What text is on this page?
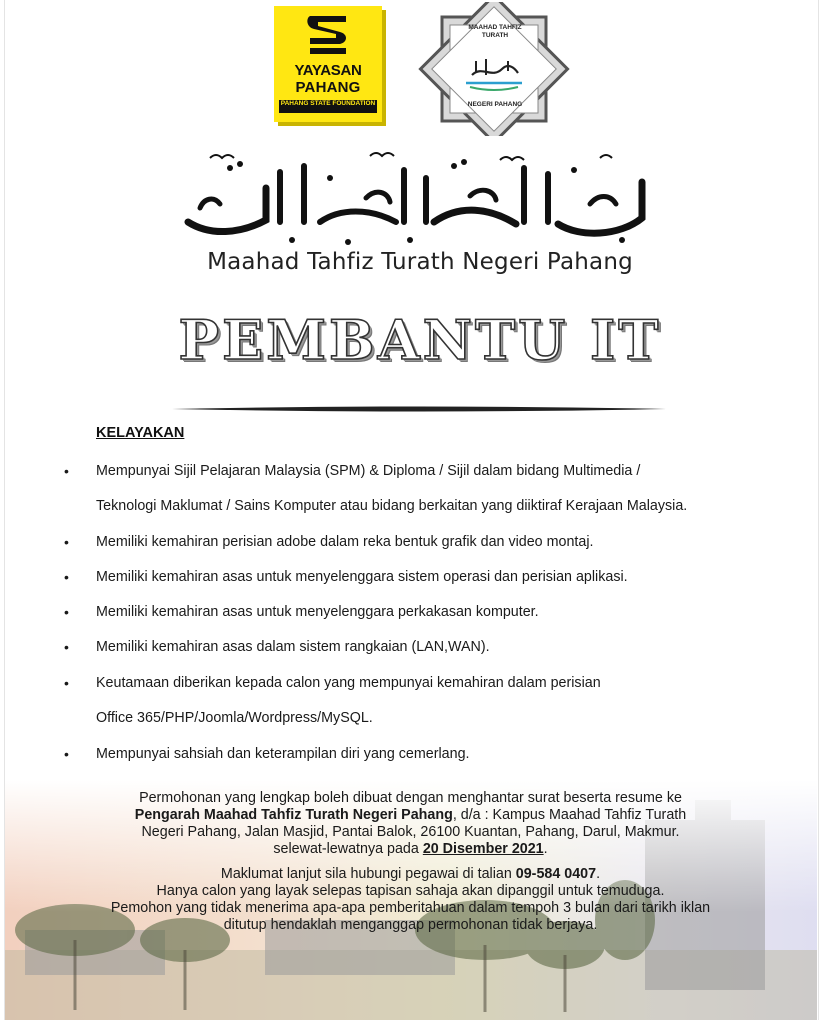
YAYASAN
PAHANG
PAHANG STATE FOUNDATION
MAAHAD TAHFIZ
TURATH
NEGERI PAHANG
Maahad Tahfiz Turath Negeri Pahang
PEMBANTU IT
KELAYAKAN
• Mempunyai Sijil Pelajaran Malaysia (SPM) & Diploma / Sijil dalam bidang Multimedia /
Teknologi Maklumat / Sains Komputer atau bidang berkaitan yang diiktiraf Kerajaan Malaysia.
• Memiliki kemahiran perisian adobe dalam reka bentuk grafik dan video montaj.
• Memiliki kemahiran asas untuk menyelenggara sistem operasi dan perisian aplikasi.
• Memiliki kemahiran asas untuk menyelenggara perkakasan komputer.
• Memiliki kemahiran asas dalam sistem rangkaian (LAN,WAN).
• Keutamaan diberikan kepada calon yang mempunyai kemahiran dalam perisian
Office 365/PHP/Joomla/Wordpress/MySQL.
• Mempunyai sahsiah dan keterampilan diri yang cemerlang.
Permohonan yang lengkap boleh dibuat dengan menghantar surat beserta resume ke
Pengarah Maahad Tahfiz Turath Negeri Pahang, d/a : Kampus Maahad Tahfiz Turath
Negeri Pahang, Jalan Masjid, Pantai Balok, 26100 Kuantan, Pahang, Darul, Makmur.
selewat-lewatnya pada 20 Disember 2021.
Maklumat lanjut sila hubungi pegawai di talian 09-584 0407.
Hanya calon yang layak selepas tapisan sahaja akan dipanggil untuk temuduga.
Pemohon yang tidak menerima apa-apa pemberitahuan dalam tempoh 3 bulan dari tarikh iklan
ditutup hendaklah menganggap permohonan tidak berjaya.
